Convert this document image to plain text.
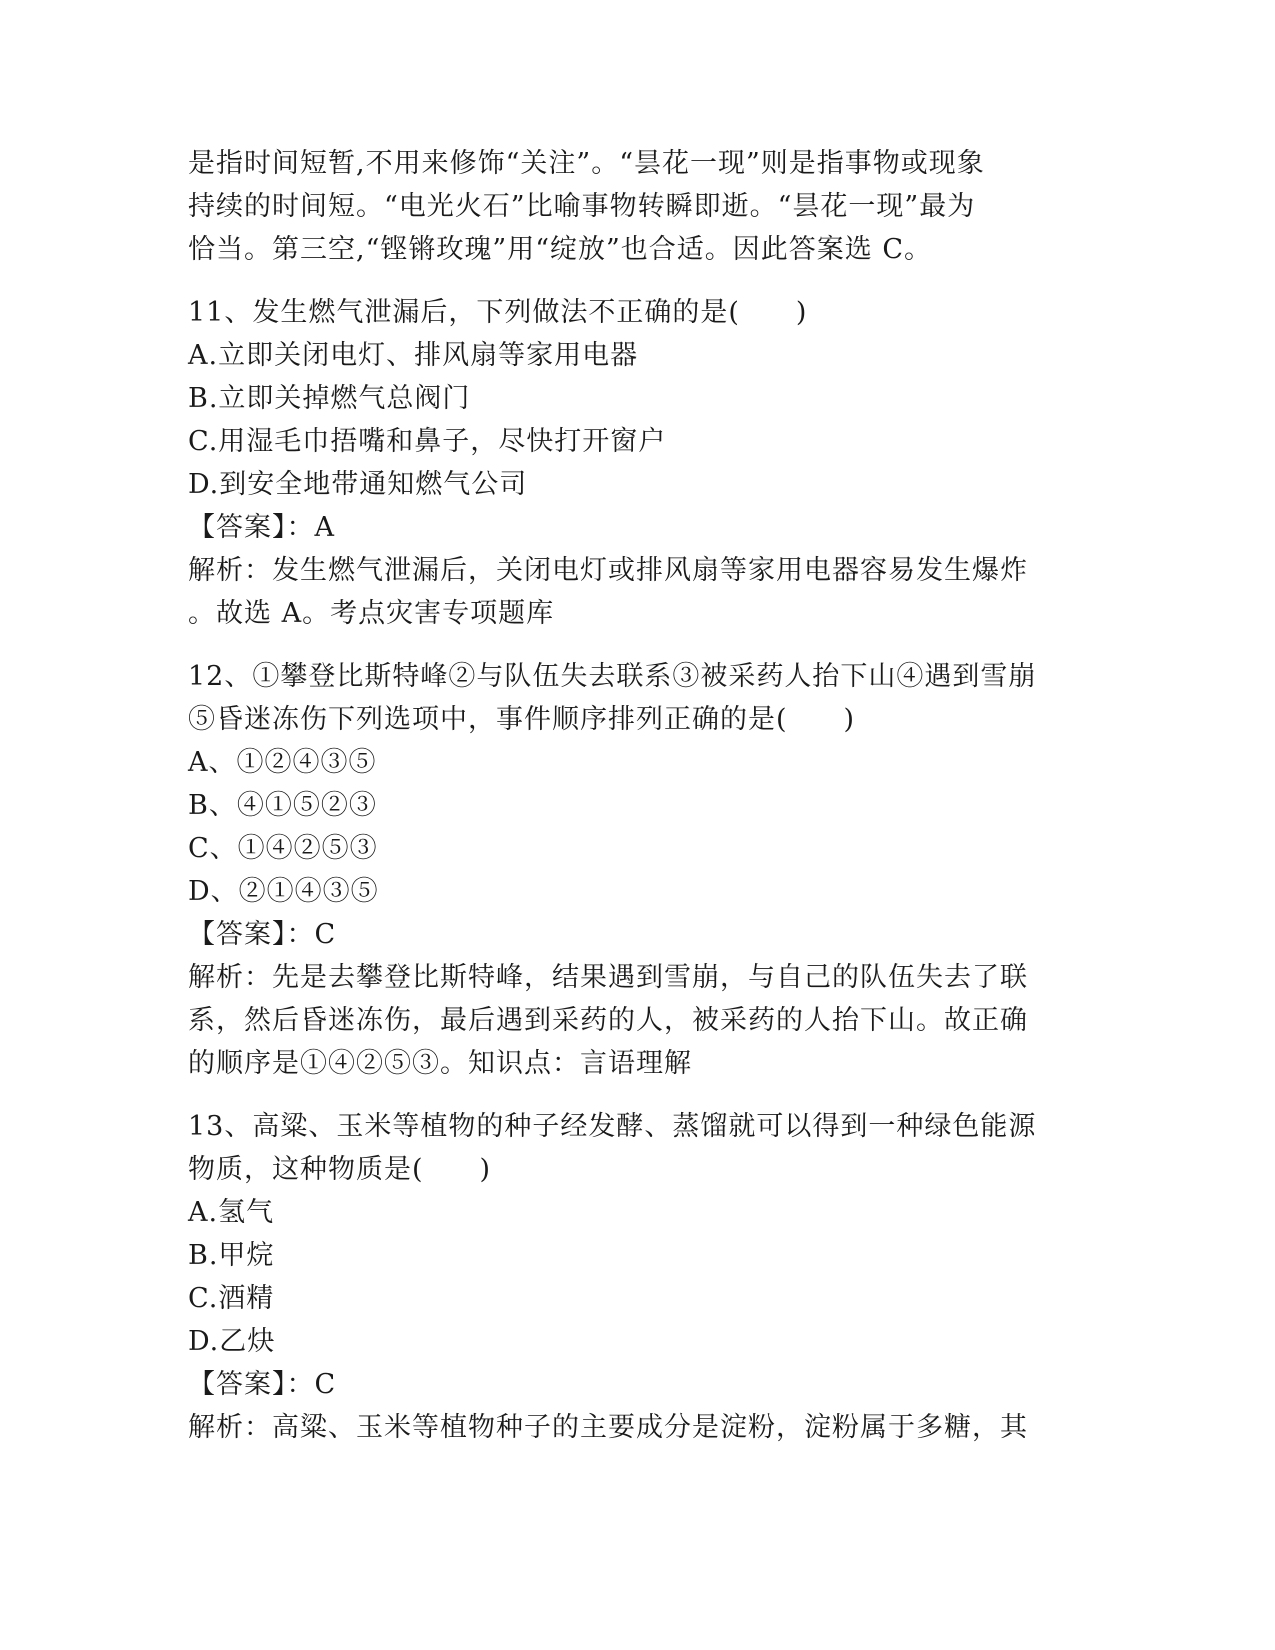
是指时间短暂,不用来修饰“关注”。“昙花一现”则是指事物或现象

持续的时间短。“电光火石”比喻事物转瞬即逝。“昙花一现”最为

恰当。第三空,“铿锵玫瑰”用“绽放”也合适。因此答案选 C。

11、发生燃气泄漏后，下列做法不正确的是(　　)

A.立即关闭电灯、排风扇等家用电器

B.立即关掉燃气总阀门

C.用湿毛巾捂嘴和鼻子，尽快打开窗户

D.到安全地带通知燃气公司

【答案】：A

解析：发生燃气泄漏后，关闭电灯或排风扇等家用电器容易发生爆炸

。故选 A。考点灾害专项题库

12、①攀登比斯特峰②与队伍失去联系③被采药人抬下山④遇到雪崩

⑤昏迷冻伤下列选项中，事件顺序排列正确的是(　　)

A、①②④③⑤

B、④①⑤②③

C、①④②⑤③

D、②①④③⑤

【答案】：C

解析：先是去攀登比斯特峰，结果遇到雪崩，与自己的队伍失去了联

系，然后昏迷冻伤，最后遇到采药的人，被采药的人抬下山。故正确

的顺序是①④②⑤③。知识点：言语理解

13、高粱、玉米等植物的种子经发酵、蒸馏就可以得到一种绿色能源

物质，这种物质是(　　)

A.氢气

B.甲烷

C.酒精

D.乙炔

【答案】：C

解析：高粱、玉米等植物种子的主要成分是淀粉，淀粉属于多糖，其
